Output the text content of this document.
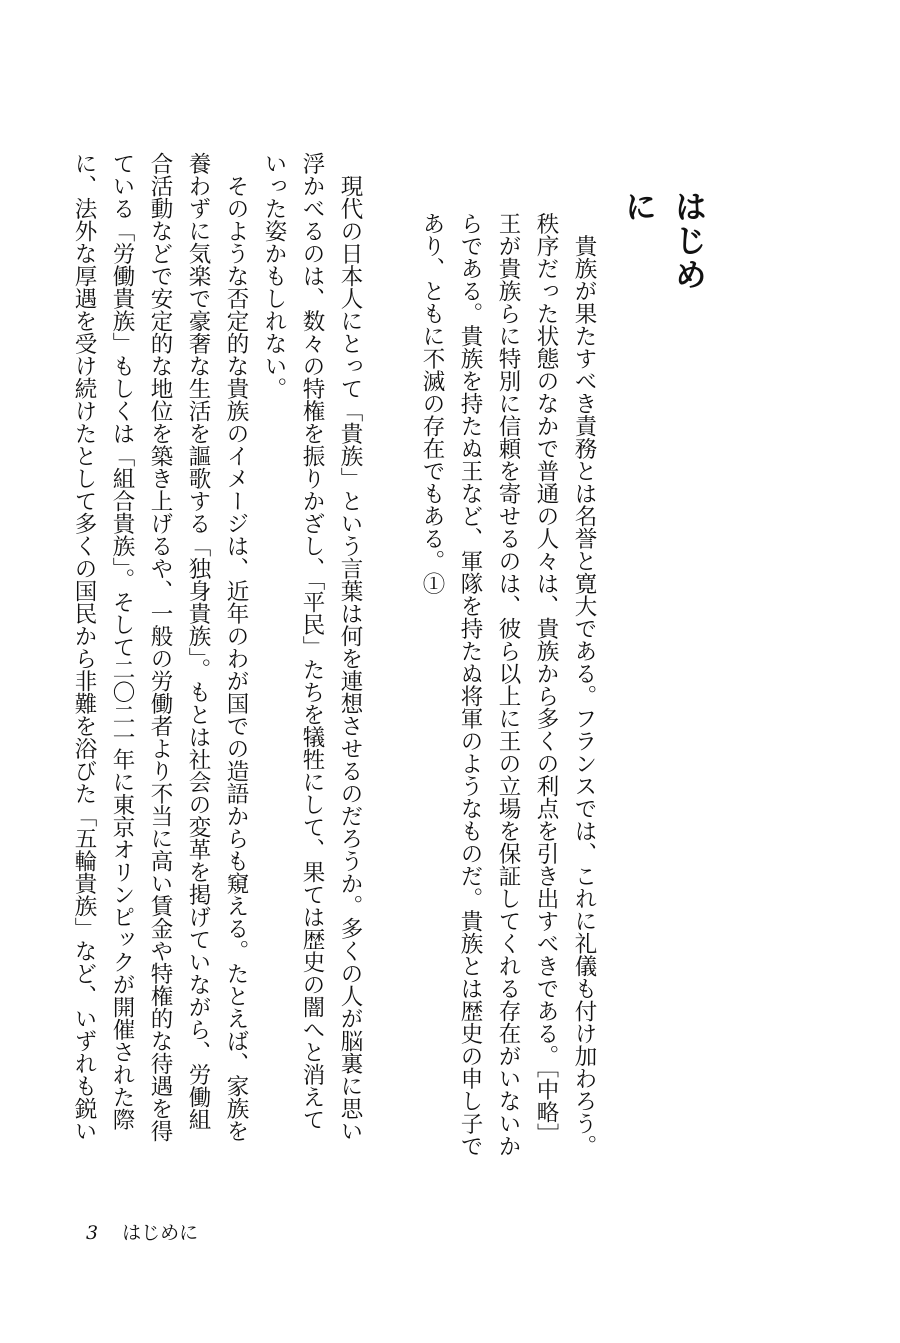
はじめに
　貴族が果たすべき責務とは名誉と寛大である。フランスでは、これに礼儀も付け加わろう。
秩序だった状態のなかで普通の人々は、貴族から多くの利点を引き出すべきである。［中略］
王が貴族らに特別に信頼を寄せるのは、彼ら以上に王の立場を保証してくれる存在がいないか
らである。貴族を持たぬ王など、軍隊を持たぬ将軍のようなものだ。貴族とは歴史の申し子で
あり、ともに不滅の存在でもある。①
　現代の日本人にとって「貴族」という言葉は何を連想させるのだろうか。多くの人が脳裏に思い
浮かべるのは、数々の特権を振りかざし、「平民」たちを犠牲にして、果ては歴史の闇へと消えて
いった姿かもしれない。
　そのような否定的な貴族のイメージは、近年のわが国での造語からも窺える。たとえば、家族を
養わずに気楽で豪奢な生活を謳歌する「独身貴族」。もとは社会の変革を掲げていながら、労働組
合活動などで安定的な地位を築き上げるや、一般の労働者より不当に高い賃金や特権的な待遇を得
ている「労働貴族」もしくは「組合貴族」。そして二〇二一年に東京オリンピックが開催された際
に、法外な厚遇を受け続けたとして多くの国民から非難を浴びた「五輪貴族」など、いずれも鋭い
3 はじめに
